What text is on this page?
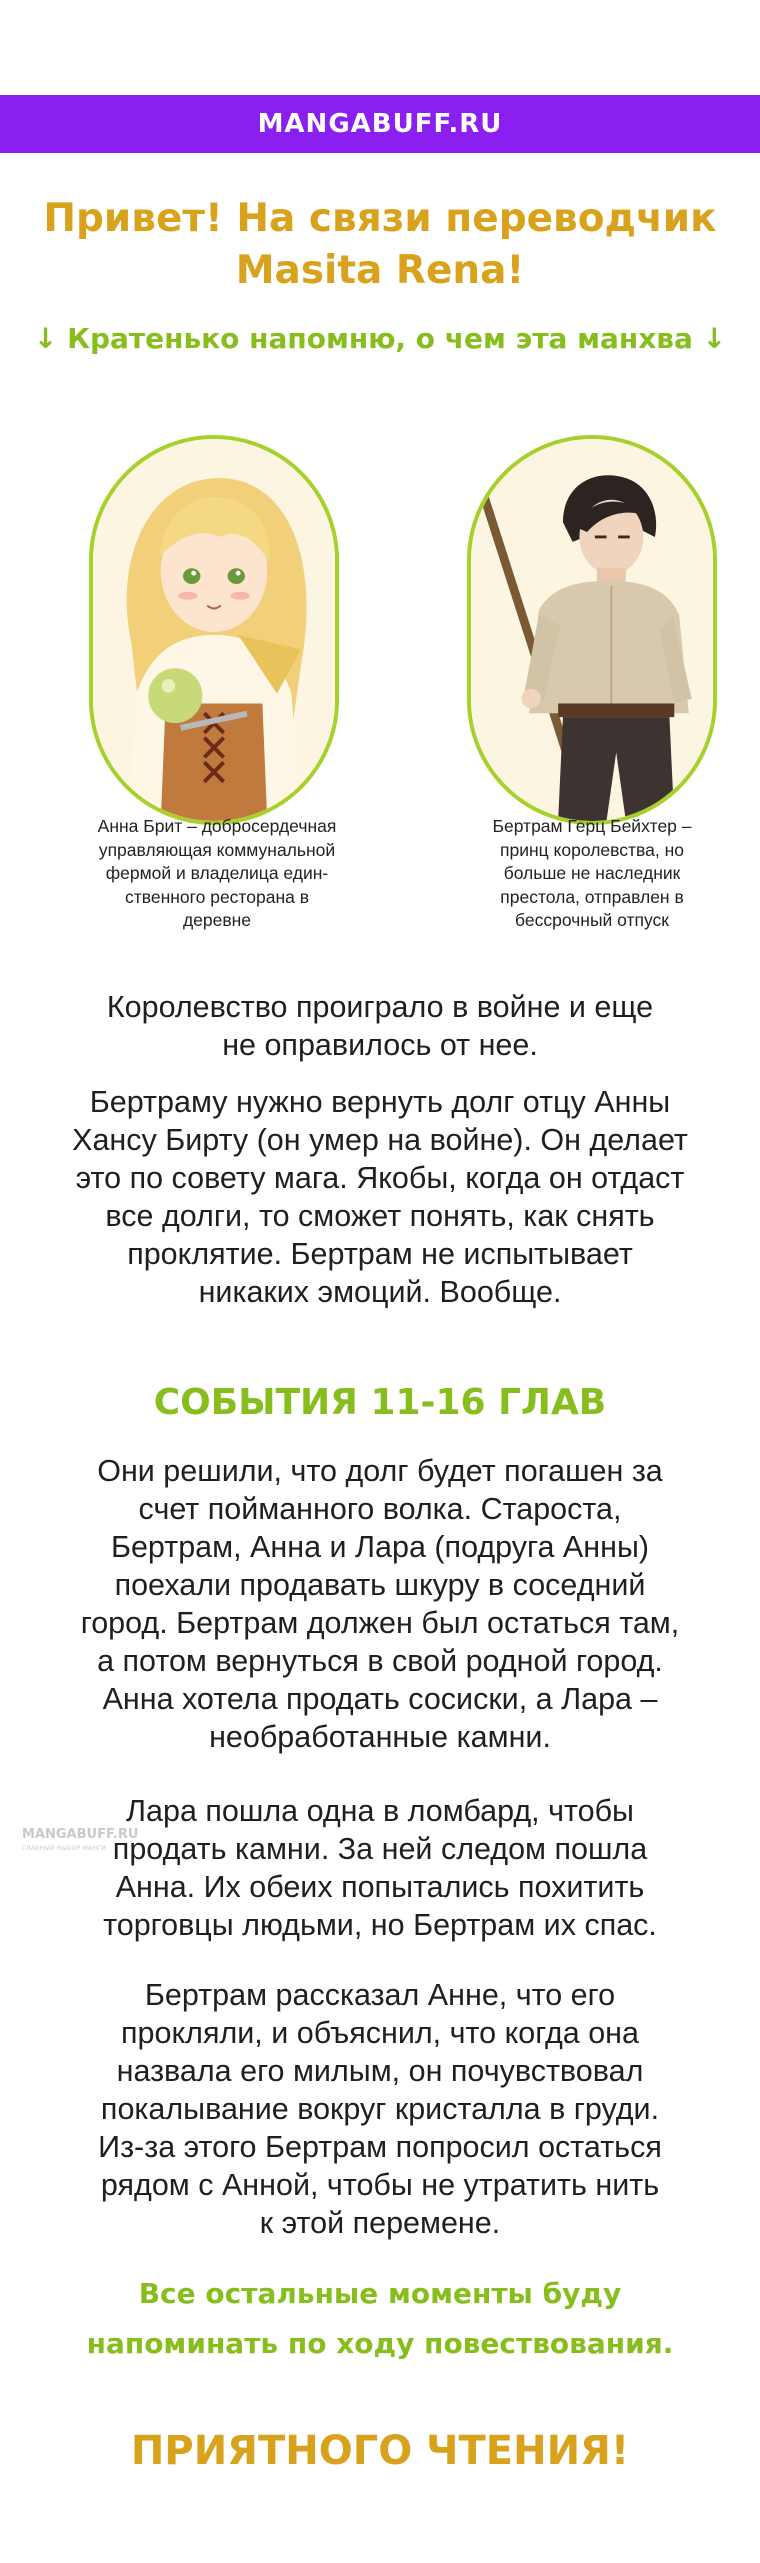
MANGABUFF.RU
Привет! На связи переводчик
Masita Rena!
↓ Кратенько напомню, о чем эта манхва ↓
Анна Брит – добросердечная
управляющая коммунальной
фермой и владелица един-
ственного ресторана в
деревне
Бертрам Герц Бейхтер –
принц королевства, но
больше не наследник
престола, отправлен в
бессрочный отпуск
Королевство проиграло в войне и еще
не оправилось от нее.
Бертраму нужно вернуть долг отцу Анны
Хансу Бирту (он умер на войне). Он делает
это по совету мага. Якобы, когда он отдаст
все долги, то сможет понять, как снять
проклятие. Бертрам не испытывает
никаких эмоций. Вообще.
СОБЫТИЯ 11-16 ГЛАВ
Они решили, что долг будет погашен за
счет пойманного волка. Староста,
Бертрам, Анна и Лара (подруга Анны)
поехали продавать шкуру в соседний
город. Бертрам должен был остаться там,
а потом вернуться в свой родной город.
Анна хотела продать сосиски, а Лара –
необработанные камни.
Лара пошла одна в ломбард, чтобы
продать камни. За ней следом пошла
Анна. Их обеих попытались похитить
торговцы людьми, но Бертрам их спас.
Бертрам рассказал Анне, что его
прокляли, и объяснил, что когда она
назвала его милым, он почувствовал
покалывание вокруг кристалла в груди.
Из-за этого Бертрам попросил остаться
рядом с Анной, чтобы не утратить нить
к этой перемене.
Все остальные моменты буду
напоминать по ходу повествования.
ПРИЯТНОГО ЧТЕНИЯ!
MANGABUFF.RU
ГЛАВНЫЙ ВЫБОР МАНГИ
